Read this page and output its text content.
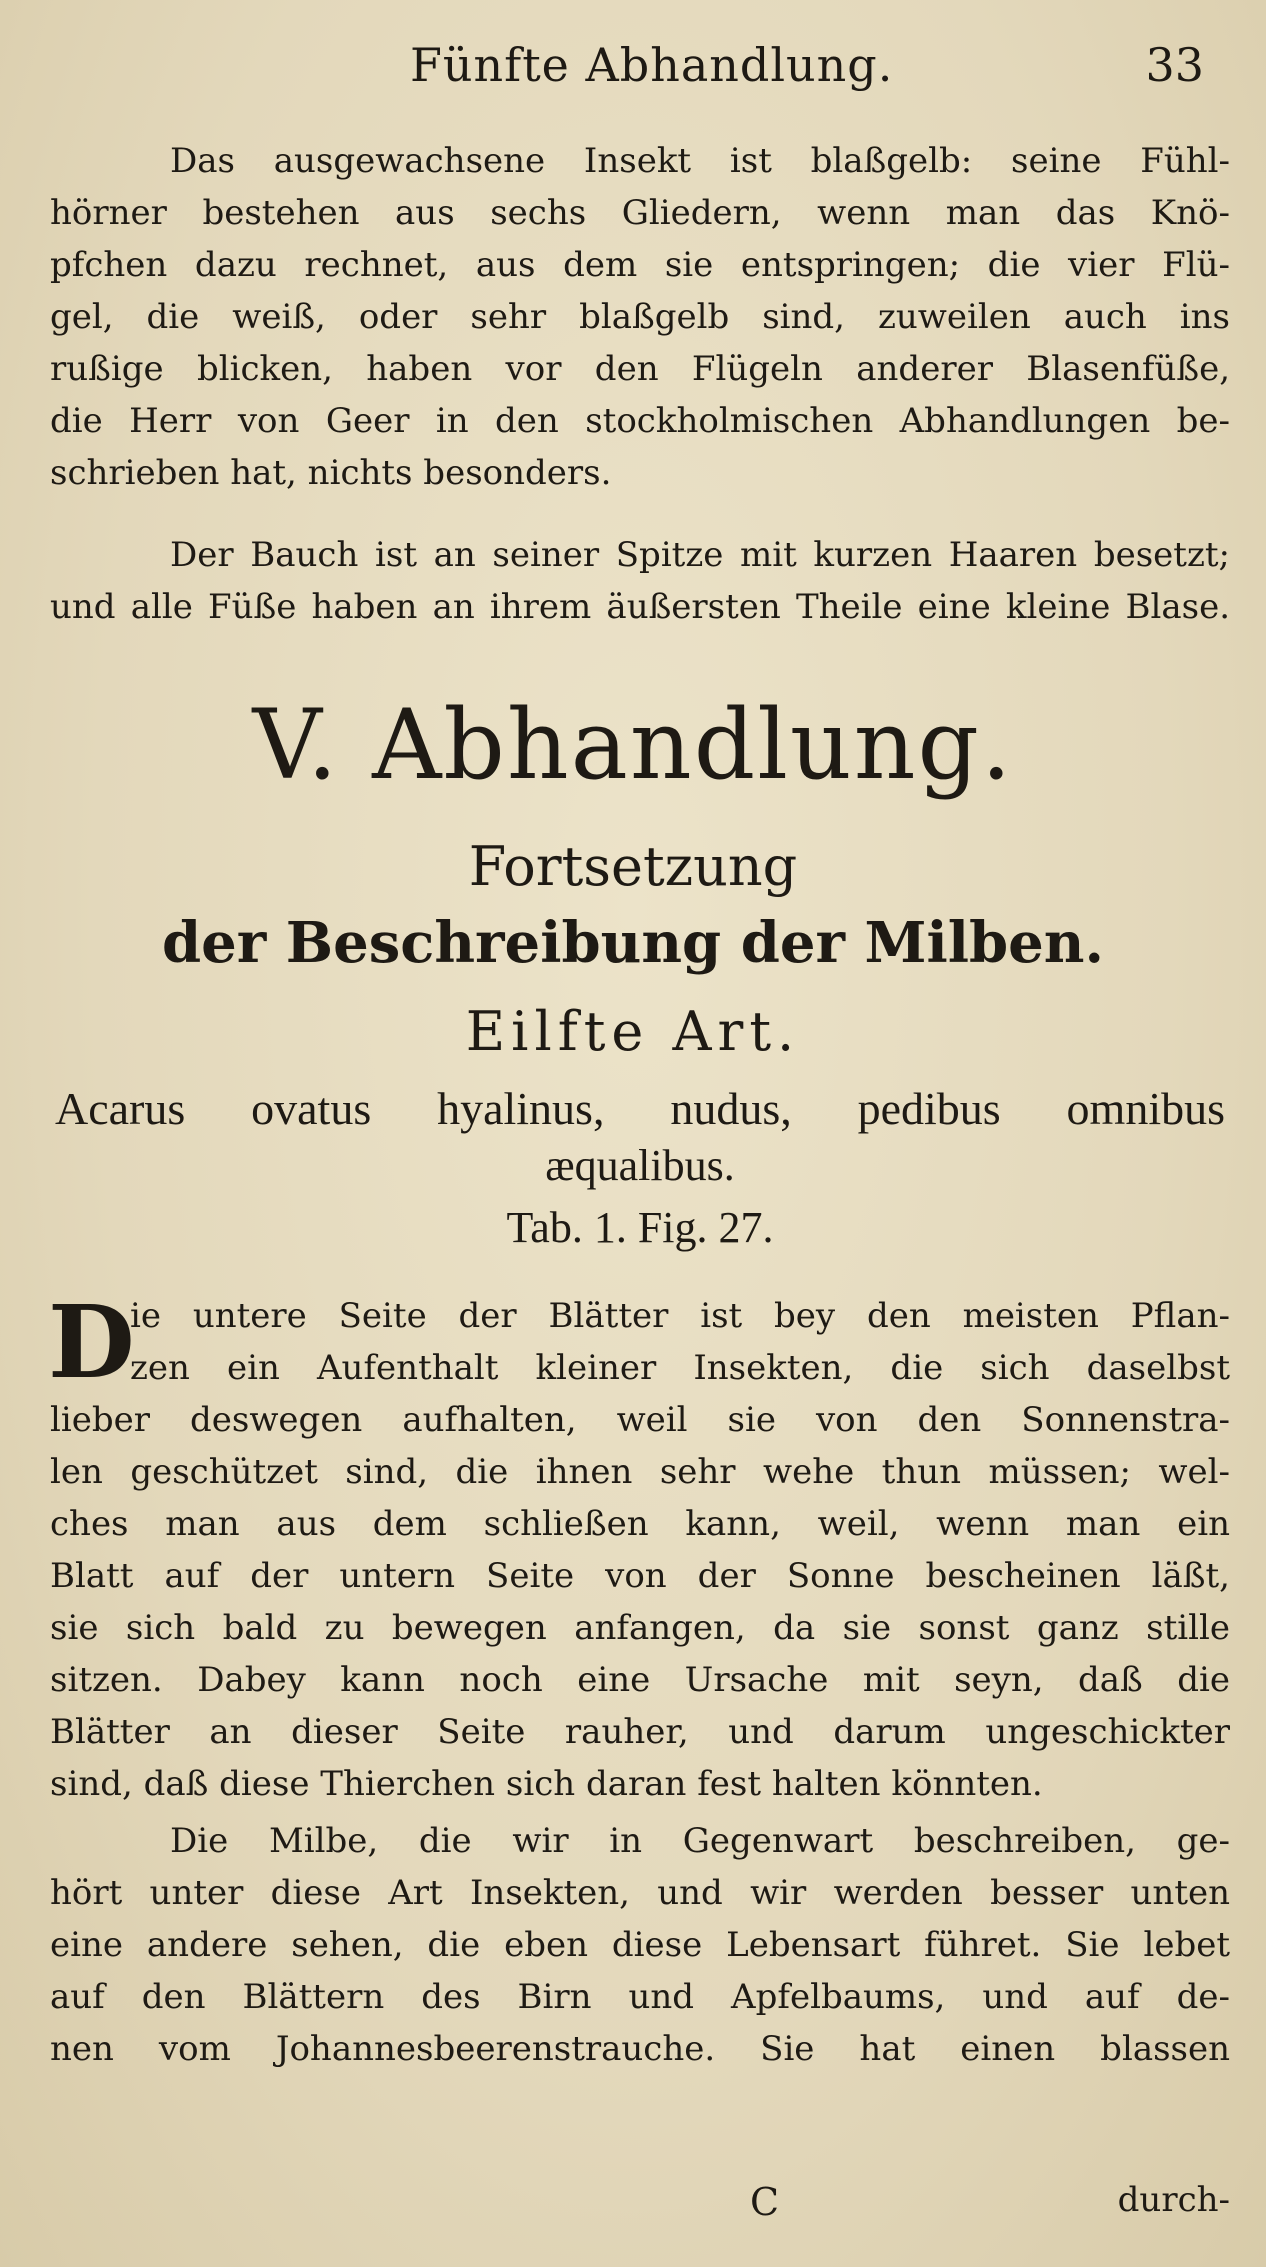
Fünfte Abhandlung.	33
Das ausgewachsene Insekt ist blaßgelb: seine Fühl-
hörner bestehen aus sechs Gliedern, wenn man das Knö-
pfchen dazu rechnet, aus dem sie entspringen; die vier Flü-
gel, die weiß, oder sehr blaßgelb sind, zuweilen auch ins
rußige blicken, haben vor den Flügeln anderer Blasenfüße,
die Herr von Geer in den stockholmischen Abhandlungen be-
schrieben hat, nichts besonders.
Der Bauch ist an seiner Spitze mit kurzen Haaren besetzt;
und alle Füße haben an ihrem äußersten Theile eine kleine Blase.
V. Abhandlung.
Fortsetzung
der Beschreibung der Milben.
Eilfte Art.
Acarus ovatus hyalinus, nudus, pedibus omnibus
æqualibus.
Tab. 1. Fig. 27.
D
ie untere Seite der Blätter ist bey den meisten Pflan-
zen ein Aufenthalt kleiner Insekten, die sich daselbst
lieber deswegen aufhalten, weil sie von den Sonnenstra-
len geschützet sind, die ihnen sehr wehe thun müssen; wel-
ches man aus dem schließen kann, weil, wenn man ein
Blatt auf der untern Seite von der Sonne bescheinen läßt,
sie sich bald zu bewegen anfangen, da sie sonst ganz stille
sitzen. Dabey kann noch eine Ursache mit seyn, daß die
Blätter an dieser Seite rauher, und darum ungeschickter
sind, daß diese Thierchen sich daran fest halten könnten.
Die Milbe, die wir in Gegenwart beschreiben, ge-
hört unter diese Art Insekten, und wir werden besser unten
eine andere sehen, die eben diese Lebensart führet. Sie lebet
auf den Blättern des Birn und Apfelbaums, und auf de-
nen vom Johannesbeerenstrauche. Sie hat einen blassen
C	durch-
